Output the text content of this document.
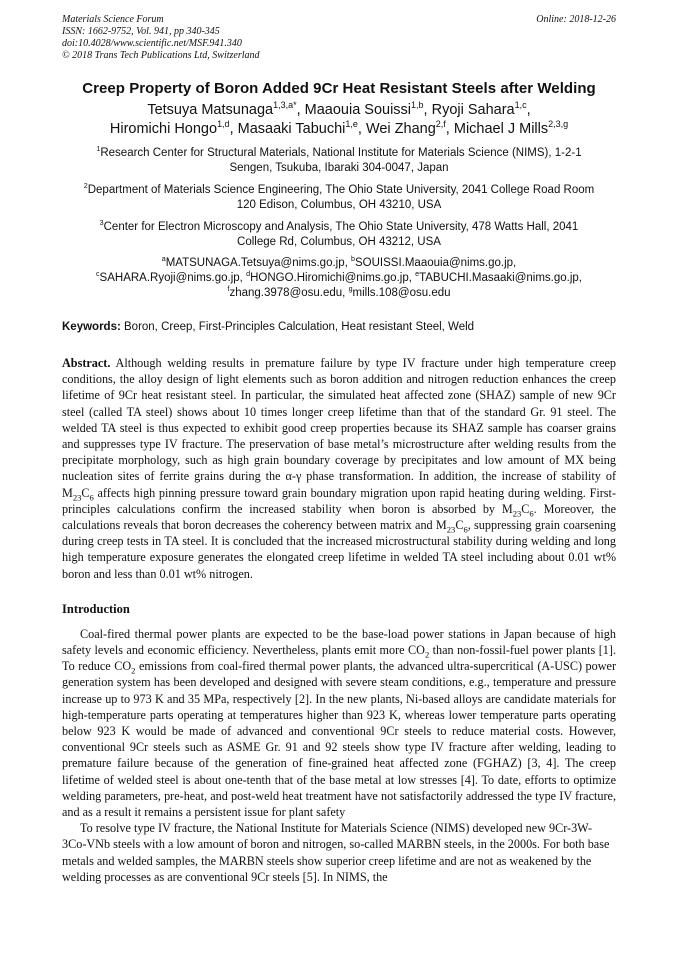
Materials Science Forum
ISSN: 1662-9752, Vol. 941, pp 340-345
doi:10.4028/www.scientific.net/MSF.941.340
© 2018 Trans Tech Publications Ltd, Switzerland
Online: 2018-12-26
Creep Property of Boron Added 9Cr Heat Resistant Steels after Welding
Tetsuya Matsunaga$^{1,3,a*}$, Maaouia Souissi$^{1,b}$, Ryoji Sahara$^{1,c}$,
Hiromichi Hongo$^{1,d}$, Masaaki Tabuchi$^{1,e}$, Wei Zhang$^{2,f}$, Michael J Mills$^{2,3,g}$
$^1$Research Center for Structural Materials, National Institute for Materials Science (NIMS), 1-2-1
Sengen, Tsukuba, Ibaraki 304-0047, Japan
$^2$Department of Materials Science Engineering, The Ohio State University, 2041 College Road Room
120 Edison, Columbus, OH 43210, USA
$^3$Center for Electron Microscopy and Analysis, The Ohio State University, 478 Watts Hall, 2041
College Rd, Columbus, OH 43212, USA
$^a$MATSUNAGA.Tetsuya@nims.go.jp, $^b$SOUISSI.Maaouia@nims.go.jp,
$^c$SAHARA.Ryoji@nims.go.jp, $^d$HONGO.Hiromichi@nims.go.jp, $^e$TABUCHI.Masaaki@nims.go.jp,
$^f$zhang.3978@osu.edu, $^g$mills.108@osu.edu
Keywords: Boron, Creep, First-Principles Calculation, Heat resistant Steel, Weld
Abstract. Although welding results in premature failure by type IV fracture under high temperature creep conditions, the alloy design of light elements such as boron addition and nitrogen reduction enhances the creep lifetime of 9Cr heat resistant steel. In particular, the simulated heat affected zone (SHAZ) sample of new 9Cr steel (called TA steel) shows about 10 times longer creep lifetime than that of the standard Gr. 91 steel. The welded TA steel is thus expected to exhibit good creep properties because its SHAZ sample has coarser grains and suppresses type IV fracture. The preservation of base metal’s microstructure after welding results from the precipitate morphology, such as high grain boundary coverage by precipitates and low amount of MX being nucleation sites of ferrite grains during the α-γ phase transformation. In addition, the increase of stability of $M_{23}C_6$ affects high pinning pressure toward grain boundary migration upon rapid heating during welding. First-principles calculations confirm the increased stability when boron is absorbed by $M_{23}C_6$. Moreover, the calculations reveals that boron decreases the coherency between matrix and $M_{23}C_6$, suppressing grain coarsening during creep tests in TA steel. It is concluded that the increased microstructural stability during welding and long high temperature exposure generates the elongated creep lifetime in welded TA steel including about 0.01 wt% boron and less than 0.01 wt% nitrogen.
Introduction

Coal-fired thermal power plants are expected to be the base-load power stations in Japan because of high safety levels and economic efficiency. Nevertheless, plants emit more $CO_2$ than non-fossil-fuel power plants [1]. To reduce $CO_2$ emissions from coal-fired thermal power plants, the advanced ultra-supercritical (A-USC) power generation system has been developed and designed with severe steam conditions, e.g., temperature and pressure increase up to 973 K and 35 MPa, respectively [2]. In the new plants, Ni-based alloys are candidate materials for high-temperature parts operating at temperatures higher than 923 K, whereas lower temperature parts operating below 923 K would be made of advanced and conventional 9Cr steels to reduce material costs. However, conventional 9Cr steels such as ASME Gr. 91 and 92 steels show type IV fracture after welding, leading to premature failure because of the generation of fine-grained heat affected zone (FGHAZ) [3, 4]. The creep lifetime of welded steel is about one-tenth that of the base metal at low stresses [4]. To date, efforts to optimize welding parameters, pre-heat, and post-weld heat treatment have not satisfactorily addressed the type IV fracture, and as a result it remains a persistent issue for plant safety

To resolve type IV fracture, the National Institute for Materials Science (NIMS) developed new 9Cr-3W-3Co-VNb steels with a low amount of boron and nitrogen, so-called MARBN steels, in the 2000s. For both base metals and welded samples, the MARBN steels show superior creep lifetime and are not as weakened by the welding processes as are conventional 9Cr steels [5]. In NIMS, the
